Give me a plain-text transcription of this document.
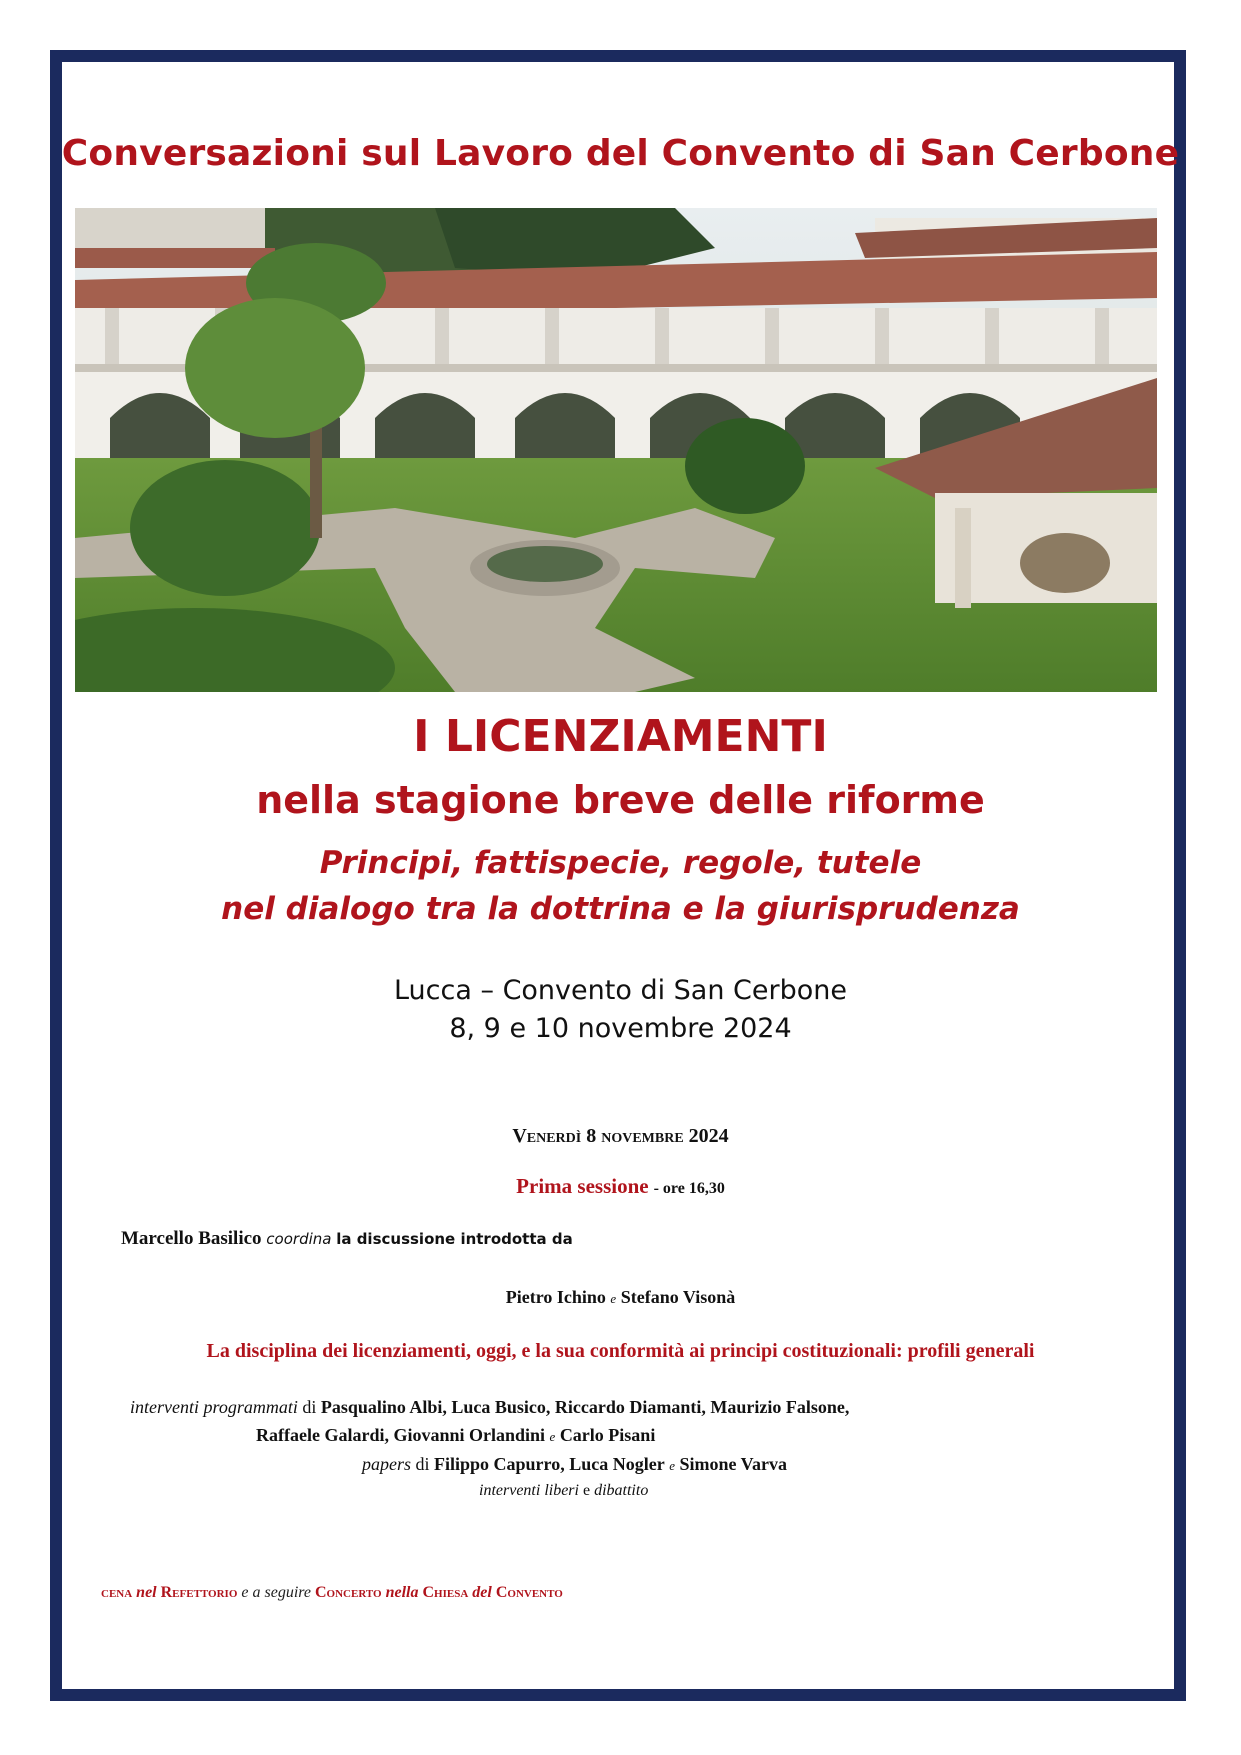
Conversazioni sul Lavoro del Convento di San Cerbone
I LICENZIAMENTI
nella stagione breve delle riforme
Principi, fattispecie, regole, tutele
nel dialogo tra la dottrina e la giurisprudenza
Lucca – Convento di San Cerbone
8, 9 e 10 novembre 2024
Venerdì 8 novembre 2024
Prima sessione - ore 16,30
Marcello Basilico coordina la discussione introdotta da
Pietro Ichino e Stefano Visonà
La disciplina dei licenziamenti, oggi, e la sua conformità ai principi costituzionali: profili generali
interventi programmati di Pasqualino Albi, Luca Busico, Riccardo Diamanti, Maurizio Falsone,
Raffaele Galardi, Giovanni Orlandini e Carlo Pisani
papers di Filippo Capurro, Luca Nogler e Simone Varva
interventi liberi e dibattito
cena nel Refettorio e a seguire Concerto nella Chiesa del Convento
